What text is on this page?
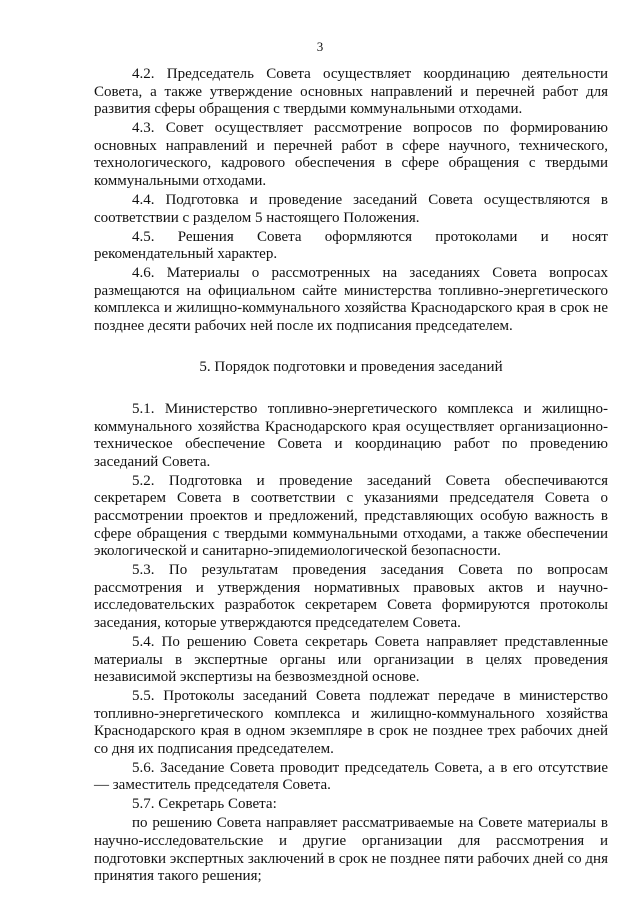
3

4.2. Председатель Совета осуществляет координацию деятельности Совета, а также утверждение основных направлений и перечней работ для развития сферы обращения с твердыми коммунальными отходами.

4.3. Совет осуществляет рассмотрение вопросов по формированию основных направлений и перечней работ в сфере научного, технического, технологического, кадрового обеспечения в сфере обращения с твердыми коммунальными отходами.

4.4. Подготовка и проведение заседаний Совета осуществляются в соответствии с разделом 5 настоящего Положения.

4.5. Решения Совета оформляются протоколами и носят рекомендательный характер.

4.6. Материалы о рассмотренных на заседаниях Совета вопросах размещаются на официальном сайте министерства топливно-энергетического комплекса и жилищно-коммунального хозяйства Краснодарского края в срок не позднее десяти рабочих ней после их подписания председателем.

5. Порядок подготовки и проведения заседаний

5.1. Министерство топливно-энергетического комплекса и жилищно-коммунального хозяйства Краснодарского края осуществляет организационно-техническое обеспечение Совета и координацию работ по проведению заседаний Совета.

5.2. Подготовка и проведение заседаний Совета обеспечиваются секретарем Совета в соответствии с указаниями председателя Совета о рассмотрении проектов и предложений, представляющих особую важность в сфере обращения с твердыми коммунальными отходами, а также обеспечении экологической и санитарно-эпидемиологической безопасности.

5.3. По результатам проведения заседания Совета по вопросам рассмотрения и утверждения нормативных правовых актов и научно-исследовательских разработок секретарем Совета формируются протоколы заседания, которые утверждаются председателем Совета.

5.4. По решению Совета секретарь Совета направляет представленные материалы в экспертные органы или организации в целях проведения независимой экспертизы на безвозмездной основе.

5.5. Протоколы заседаний Совета подлежат передаче в министерство топливно-энергетического комплекса и жилищно-коммунального хозяйства Краснодарского края в одном экземпляре в срок не позднее трех рабочих дней со дня их подписания председателем.

5.6. Заседание Совета проводит председатель Совета, а в его отсутствие — заместитель председателя Совета.

5.7. Секретарь Совета:

по решению Совета направляет рассматриваемые на Совете материалы в научно-исследовательские и другие организации для рассмотрения и подготовки экспертных заключений в срок не позднее пяти рабочих дней со дня принятия такого решения;
